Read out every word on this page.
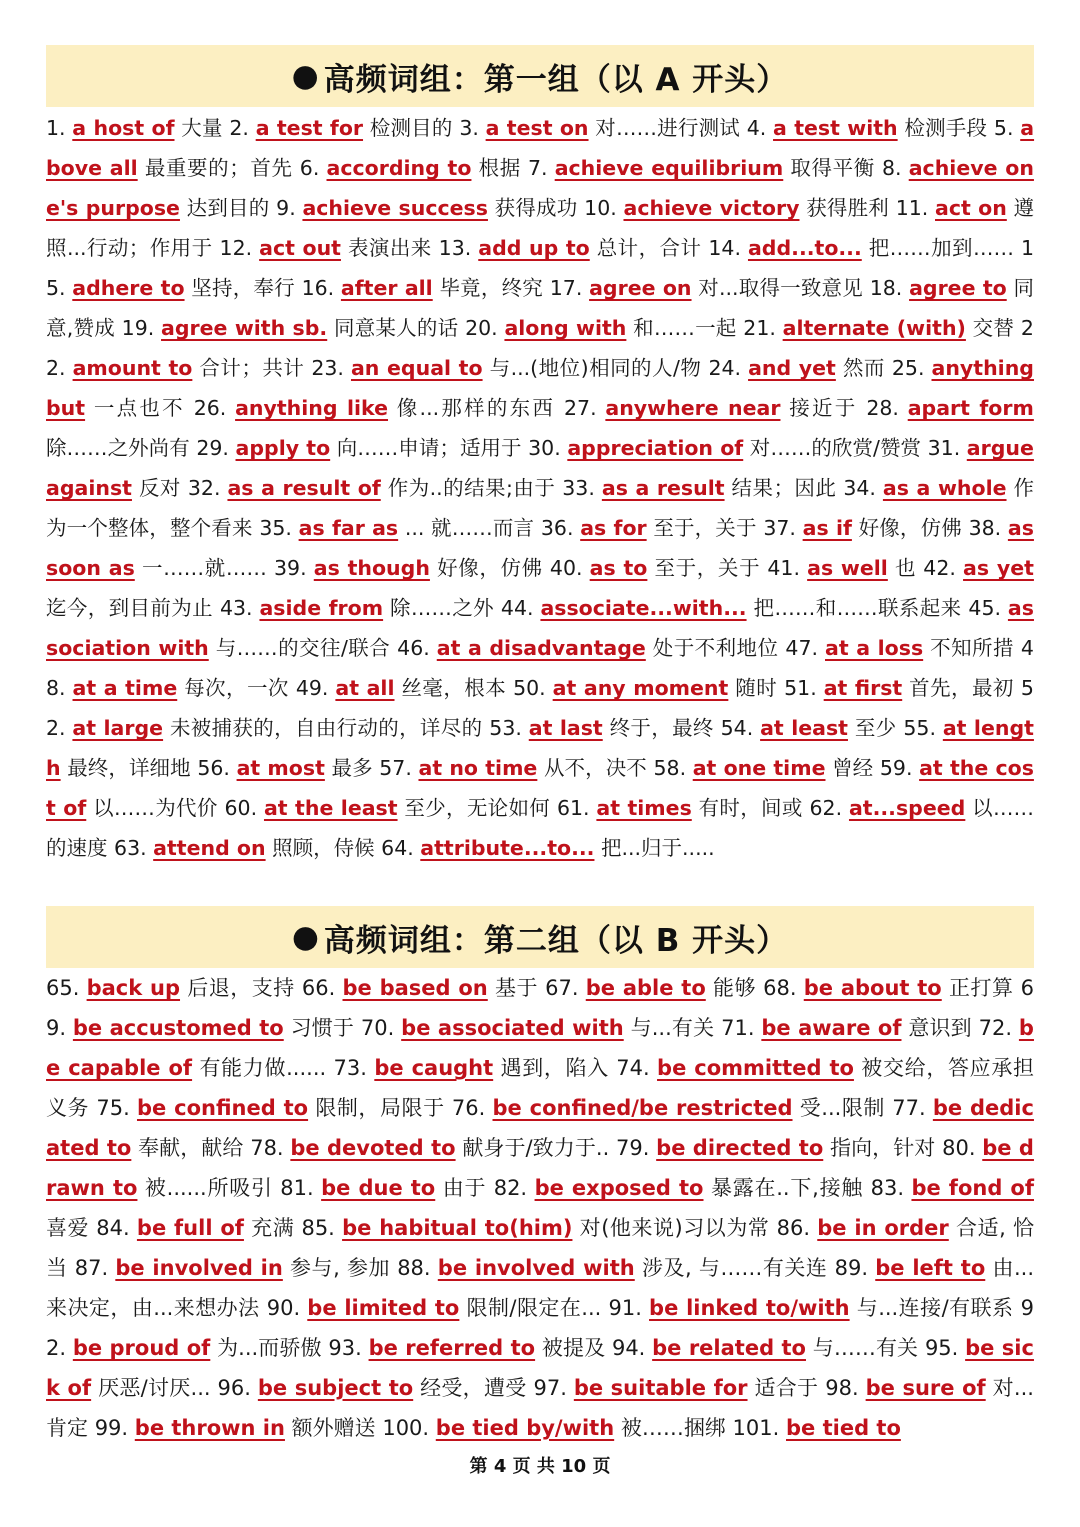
● 高频词组：第一组（以 A 开头）
1. a host of 大量 2. a test for 检测目的 3. a test on 对……进行测试 4. a test with 检测手段 5. above all 最重要的；首先 6. according to 根据 7. achieve equilibrium 取得平衡 8. achieve one's purpose 达到目的 9. achieve success 获得成功 10. achieve victory 获得胜利 11. act on 遵照...行动；作用于 12. act out 表演出来 13. add up to 总计，合计 14. add...to... 把……加到…… 15. adhere to 坚持，奉行 16. after all 毕竟，终究 17. agree on 对...取得一致意见 18. agree to 同意,赞成 19. agree with sb. 同意某人的话 20. along with 和……一起 21. alternate (with) 交替 22. amount to 合计；共计 23. an equal to 与...(地位)相同的人/物 24. and yet 然而 25. anything but 一点也不 26. anything like 像...那样的东西 27. anywhere near 接近于 28. apart form 除……之外尚有 29. apply to 向……申请；适用于 30. appreciation of 对……的欣赏/赞赏 31. argue against 反对 32. as a result of 作为..的结果;由于 33. as a result 结果；因此 34. as a whole 作为一个整体，整个看来 35. as far as ... 就……而言 36. as for 至于，关于 37. as if 好像，仿佛 38. as soon as 一……就…… 39. as though 好像，仿佛 40. as to 至于，关于 41. as well 也 42. as yet 迄今，到目前为止 43. aside from 除……之外 44. associate...with... 把……和……联系起来 45. association with 与……的交往/联合 46. at a disadvantage 处于不利地位 47. at a loss 不知所措 48. at a time 每次，一次 49. at all 丝毫，根本 50. at any moment 随时 51. at first 首先，最初 52. at large 未被捕获的，自由行动的，详尽的 53. at last 终于，最终 54. at least 至少 55. at length 最终，详细地 56. at most 最多 57. at no time 从不，决不 58. at one time 曾经 59. at the cost of 以……为代价 60. at the least 至少，无论如何 61. at times 有时，间或 62. at...speed 以……的速度 63. attend on 照顾，侍候 64. attribute...to... 把...归于.....
● 高频词组：第二组（以 B 开头）
65. back up 后退，支持 66. be based on 基于 67. be able to 能够 68. be about to 正打算 69. be accustomed to 习惯于 70. be associated with 与...有关 71. be aware of 意识到 72. be capable of 有能力做...... 73. be caught 遇到，陷入 74. be committed to 被交给，答应承担义务 75. be confined to 限制，局限于 76. be confined/be restricted 受...限制 77. be dedicated to 奉献，献给 78. be devoted to 献身于/致力于.. 79. be directed to 指向，针对 80. be drawn to 被......所吸引 81. be due to 由于 82. be exposed to 暴露在..下,接触 83. be fond of 喜爱 84. be full of 充满 85. be habitual to(him) 对(他来说)习以为常 86. be in order 合适, 恰当 87. be involved in 参与, 参加 88. be involved with 涉及, 与……有关连 89. be left to 由...来决定，由...来想办法 90. be limited to 限制/限定在... 91. be linked to/with 与...连接/有联系 92. be proud of 为...而骄傲 93. be referred to 被提及 94. be related to 与……有关 95. be sick of 厌恶/讨厌... 96. be subject to 经受，遭受 97. be suitable for 适合于 98. be sure of 对...肯定 99. be thrown in 额外赠送 100. be tied by/with 被……捆绑 101. be tied to
第 4 页 共 10 页
